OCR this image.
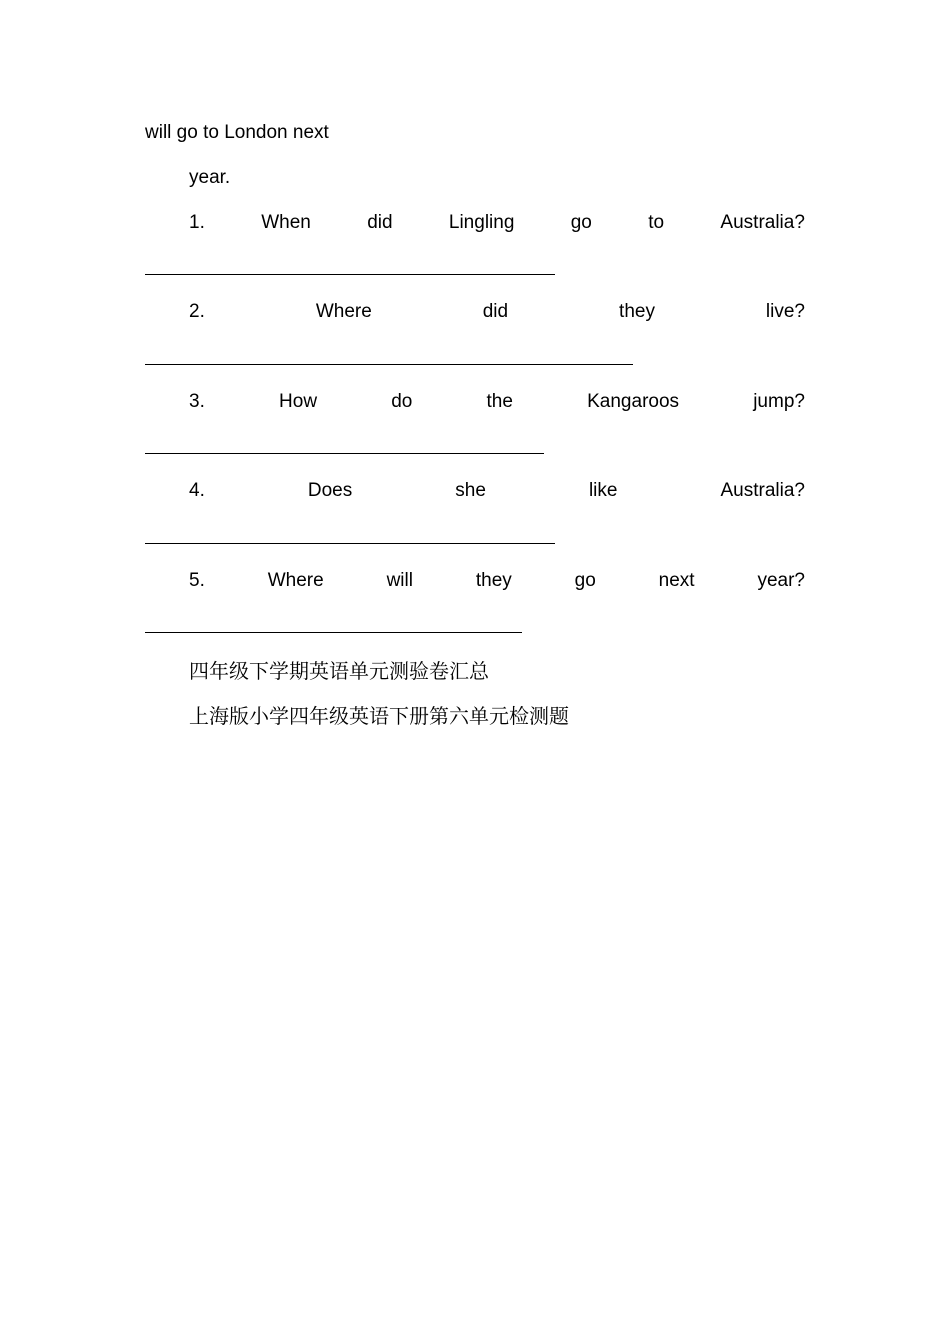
will go to London next
year.
1.	When	did	Lingling	go	to	Australia?
2.	Where	did	they	live?
3.	How	do	the	Kangaroos	jump?
4.	Does	she	like	Australia?
5.	Where	will	they	go	next	year?
四年级下学期英语单元测验卷汇总
上海版小学四年级英语下册第六单元检测题
